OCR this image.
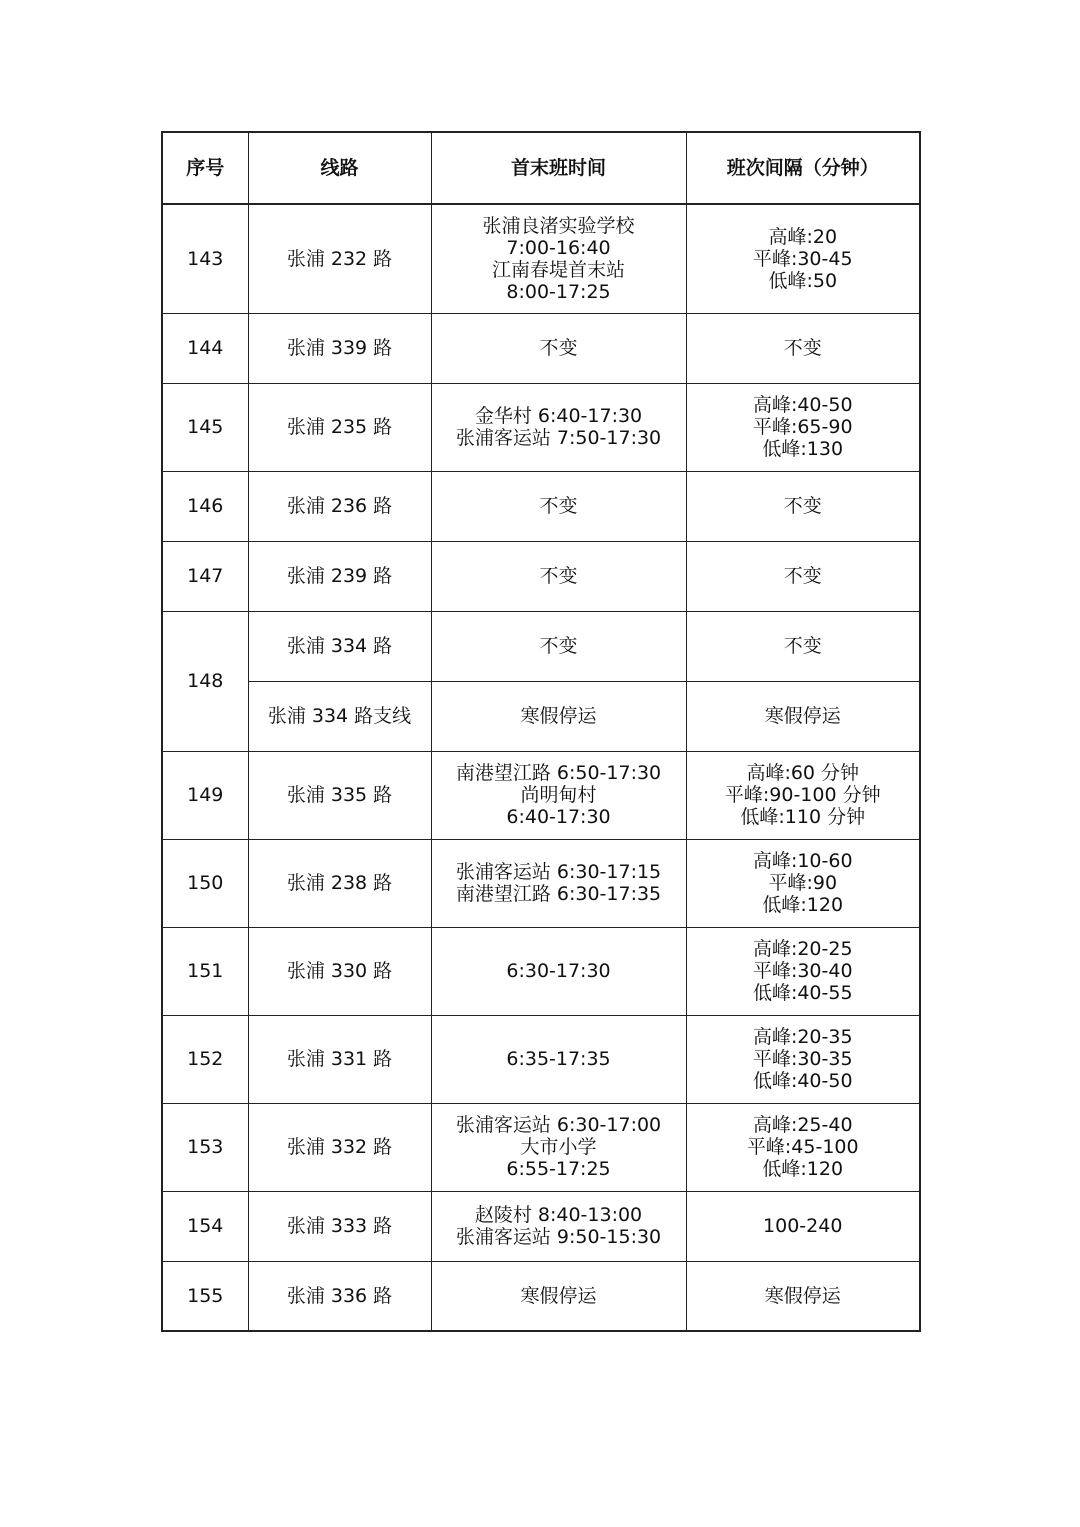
序号	线路	首末班时间	班次间隔（分钟）
143	张浦 232 路	张浦良渚实验学校
7:00-16:40
江南春堤首末站
8:00-17:25	高峰:20
平峰:30-45
低峰:50

144	张浦 339 路	不变	不变

145	张浦 235 路	金华村 6:40-17:30
张浦客运站 7:50-17:30	高峰:40-50
平峰:65-90
低峰:130

146	张浦 236 路	不变	不变

147	张浦 239 路	不变	不变

148	张浦 334 路	不变	不变

	张浦 334 路支线	寒假停运	寒假停运

149	张浦 335 路	南港望江路 6:50-17:30
尚明甸村
6:40-17:30	高峰:60 分钟
平峰:90-100 分钟
低峰:110 分钟

150	张浦 238 路	张浦客运站 6:30-17:15
南港望江路 6:30-17:35	高峰:10-60
平峰:90
低峰:120

151	张浦 330 路	6:30-17:30	高峰:20-25
平峰:30-40
低峰:40-55

152	张浦 331 路	6:35-17:35	高峰:20-35
平峰:30-35
低峰:40-50

153	张浦 332 路	张浦客运站 6:30-17:00
大市小学
6:55-17:25	高峰:25-40
平峰:45-100
低峰:120

154	张浦 333 路	赵陵村 8:40-13:00
张浦客运站 9:50-15:30	100-240

155	张浦 336 路	寒假停运	寒假停运
